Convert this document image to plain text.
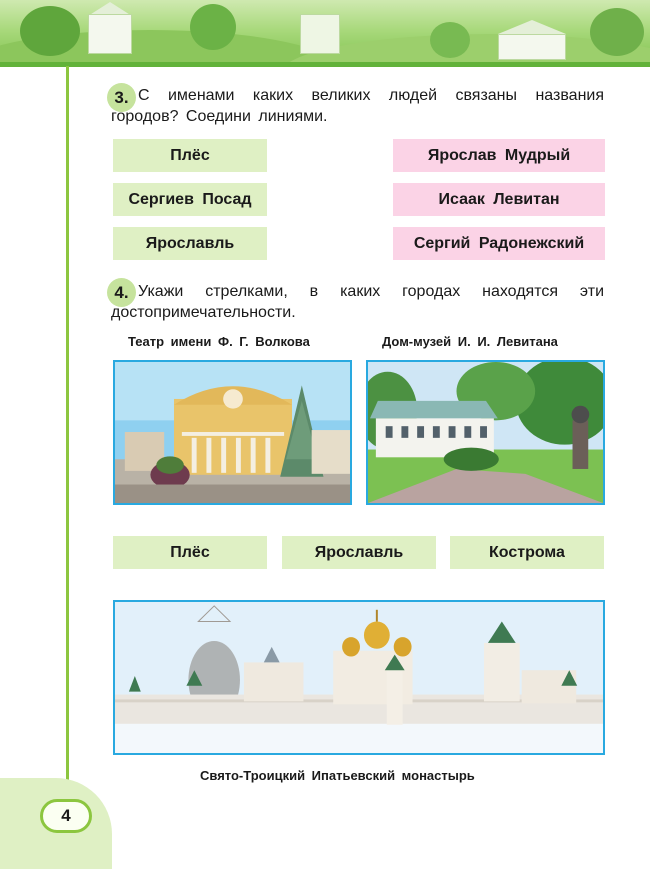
4
3. С именами каких великих людей связаны названия городов? Соедини линиями.
Плёс
Сергиев Посад
Ярославль
Ярослав Мудрый
Исаак Левитан
Сергий Радонежский
4. Укажи стрелками, в каких городах находятся эти достопримечательности.
Театр имени Ф. Г. Волкова	Дом-музей И. И. Левитана
Плёс	Ярославль	Кострома
Свято-Троицкий Ипатьевский монастырь
